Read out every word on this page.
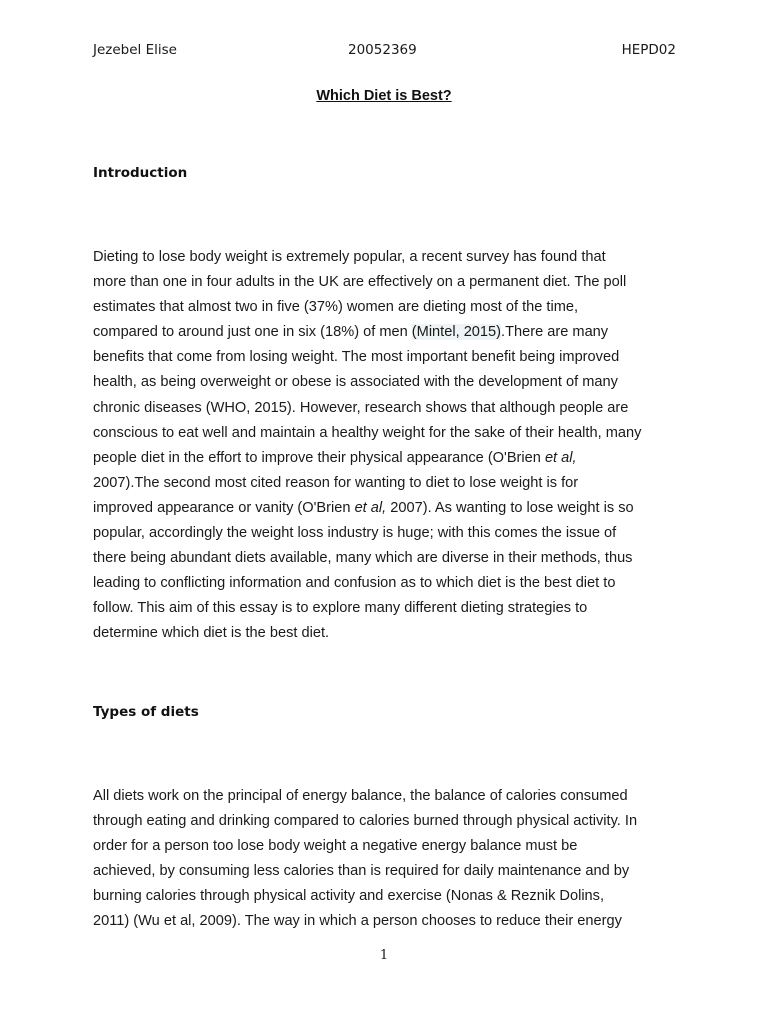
Jezebel Elise	20052369	HEPD02
Which Diet is Best?
Introduction
Dieting to lose body weight is extremely popular, a recent survey has found that
more than one in four adults in the UK are effectively on a permanent diet. The poll
estimates that almost two in five (37%) women are dieting most of the time,
compared to around just one in six (18%) of men (Mintel, 2015).There are many
benefits that come from losing weight. The most important benefit being improved
health, as being overweight or obese is associated with the development of many
chronic diseases (WHO, 2015). However, research shows that although people are
conscious to eat well and maintain a healthy weight for the sake of their health, many
people diet in the effort to improve their physical appearance (O'Brien et al,
2007).The second most cited reason for wanting to diet to lose weight is for
improved appearance or vanity (O'Brien et al, 2007). As wanting to lose weight is so
popular, accordingly the weight loss industry is huge; with this comes the issue of
there being abundant diets available, many which are diverse in their methods, thus
leading to conflicting information and confusion as to which diet is the best diet to
follow. This aim of this essay is to explore many different dieting strategies to
determine which diet is the best diet.
Types of diets
All diets work on the principal of energy balance, the balance of calories consumed
through eating and drinking compared to calories burned through physical activity. In
order for a person too lose body weight a negative energy balance must be
achieved, by consuming less calories than is required for daily maintenance and by
burning calories through physical activity and exercise (Nonas & Reznik Dolins,
2011) (Wu et al, 2009). The way in which a person chooses to reduce their energy
1
